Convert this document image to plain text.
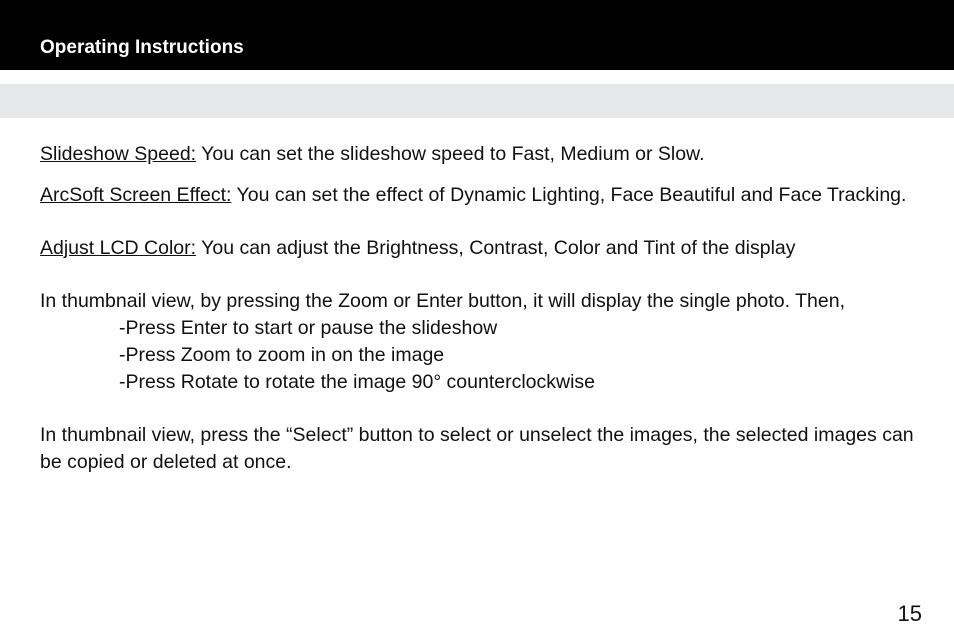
Operating Instructions

Slideshow Speed: You can set the slideshow speed to Fast, Medium or Slow.

ArcSoft Screen Effect: You can set the effect of Dynamic Lighting, Face Beautiful and Face Tracking.

Adjust LCD Color: You can adjust the Brightness, Contrast, Color and Tint of the display

In thumbnail view, by pressing the Zoom or Enter button, it will display the single photo. Then,

-Press Enter to start or pause the slideshow
-Press Zoom to zoom in on the image
-Press Rotate to rotate the image 90° counterclockwise

In thumbnail view, press the “Select” button to select or unselect the images, the selected images can be copied or deleted at once.

15
